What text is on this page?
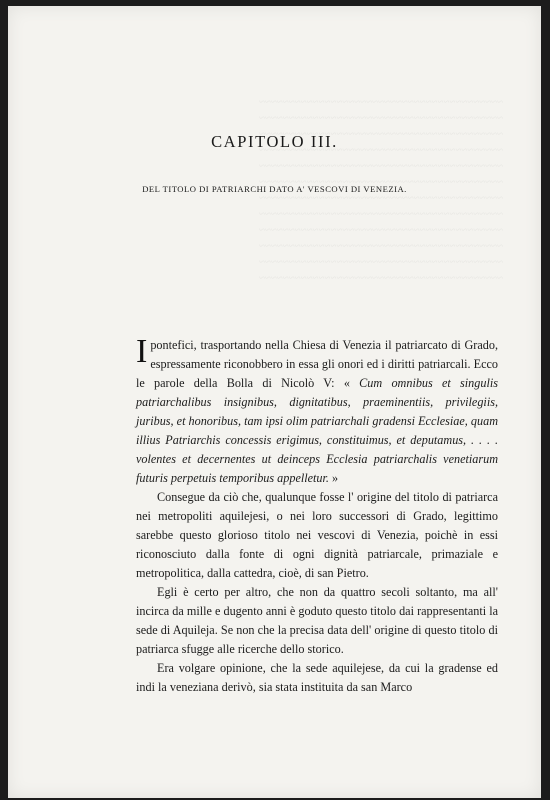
~~~~~~~~~~~~~~~~~~~~~~~~~~~~~~~~~~~~~~~~~
~~~~~~~~~~~~~~~~~~~~~~~~~~~~~~~~~~~~~~~~~
~~~~~~~~~~~~~~~~~~~~~~~~~~~~~~~~~~~~~~~~~
~~~~~~~~~~~~~~~~~~~~~~~~~~~~~~~~~~~~~~~~~
~~~~~~~~~~~~~~~~~~~~~~~~~~~~~~~~~~~~~~~~~
~~~~~~~~~~~~~~~~~~~~~~~~~~~~~~~~~~~~~~~~~
~~~~~~~~~~~~~~~~~~~~~~~~~~~~~~~~~~~~~~~~~
~~~~~~~~~~~~~~~~~~~~~~~~~~~~~~~~~~~~~~~~~
~~~~~~~~~~~~~~~~~~~~~~~~~~~~~~~~~~~~~~~~~
~~~~~~~~~~~~~~~~~~~~~~~~~~~~~~~~~~~~~~~~~
~~~~~~~~~~~~~~~~~~~~~~~~~~~~~~~~~~~~~~~~~
~~~~~~~~~~~~~~~~~~~~~~~~~~~~~~~~~~~~~~~~~

CAPITOLO III.
DEL TITOLO DI PATRIARCHI DATO A' VESCOVI DI VENEZIA.

I pontefici, trasportando nella Chiesa di Venezia il patriarcato di Grado, espressamente riconobbero in essa gli onori ed i diritti patriarcali. Ecco le parole della Bolla di Nicolò V: « Cum omnibus et singulis patriarchalibus insignibus, dignitatibus, praeminentiis, privilegiis, juribus, et honoribus, tam ipsi olim patriarchali gradensi Ecclesiae, quam illius Patriarchis concessis erigimus, constituimus, et deputamus, . . . . volentes et decernentes ut deinceps Ecclesia patriarchalis venetiarum futuris perpetuis temporibus appelletur. »

Consegue da ciò che, qualunque fosse l' origine del titolo di patriarca nei metropoliti aquilejesi, o nei loro successori di Grado, legittimo sarebbe questo glorioso titolo nei vescovi di Venezia, poichè in essi riconosciuto dalla fonte di ogni dignità patriarcale, primaziale e metropolitica, dalla cattedra, cioè, di san Pietro.

Egli è certo per altro, che non da quattro secoli soltanto, ma all' incirca da mille e dugento anni è goduto questo titolo dai rappresentanti la sede di Aquileja. Se non che la precisa data dell' origine di questo titolo di patriarca sfugge alle ricerche dello storico.

Era volgare opinione, che la sede aquilejese, da cui la gradense ed indi la veneziana derivò, sia stata instituita da san Marco
